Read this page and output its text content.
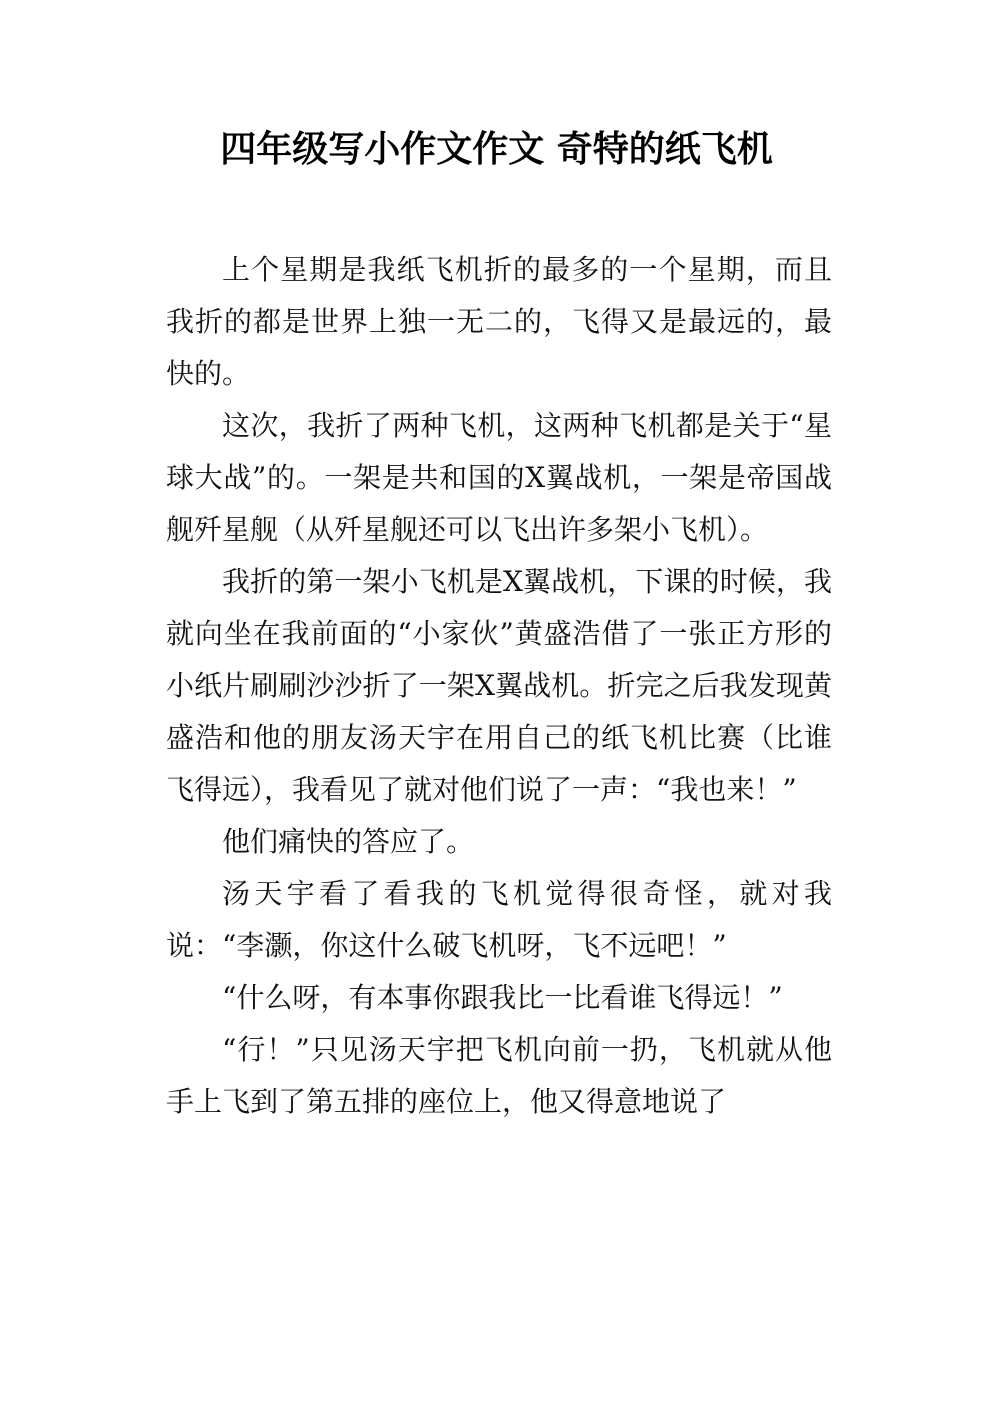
四年级写小作文作文 奇特的纸飞机

上个星期是我纸飞机折的最多的一个星期，而且我折的都是世界上独一无二的，飞得又是最远的，最快的。

这次，我折了两种飞机，这两种飞机都是关于“星球大战”的。一架是共和国的X翼战机，一架是帝国战舰歼星舰（从歼星舰还可以飞出许多架小飞机）。

我折的第一架小飞机是X翼战机，下课的时候，我就向坐在我前面的“小家伙”黄盛浩借了一张正方形的小纸片刷刷沙沙折了一架X翼战机。折完之后我发现黄盛浩和他的朋友汤天宇在用自己的纸飞机比赛（比谁飞得远），我看见了就对他们说了一声：“我也来！”

他们痛快的答应了。

汤天宇看了看我的飞机觉得很奇怪，就对我说：“李灏，你这什么破飞机呀，飞不远吧！”

“什么呀，有本事你跟我比一比看谁飞得远！”

“行！”只见汤天宇把飞机向前一扔，飞机就从他手上飞到了第五排的座位上，他又得意地说了
